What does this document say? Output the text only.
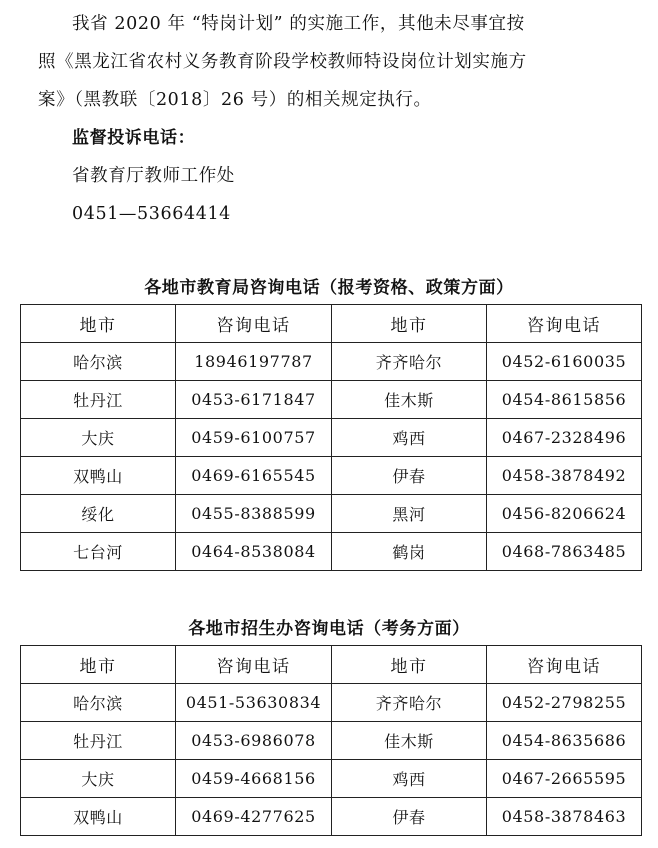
我省 2020 年 “特岗计划” 的实施工作，其他未尽事宜按
照《黑龙江省农村义务教育阶段学校教师特设岗位计划实施方
案》（黑教联〔2018〕26 号）的相关规定执行。
监督投诉电话：
省教育厅教师工作处
0451—53664414
各地市教育局咨询电话（报考资格、政策方面）
地市	咨询电话	地市	咨询电话
哈尔滨	18946197787	齐齐哈尔	0452-6160035
牡丹江	0453-6171847	佳木斯	0454-8615856
大庆	0459-6100757	鸡西	0467-2328496
双鸭山	0469-6165545	伊春	0458-3878492
绥化	0455-8388599	黑河	0456-8206624
七台河	0464-8538084	鹤岗	0468-7863485
各地市招生办咨询电话（考务方面）
地市	咨询电话	地市	咨询电话
哈尔滨	0451-53630834	齐齐哈尔	0452-2798255
牡丹江	0453-6986078	佳木斯	0454-8635686
大庆	0459-4668156	鸡西	0467-2665595
双鸭山	0469-4277625	伊春	0458-3878463
